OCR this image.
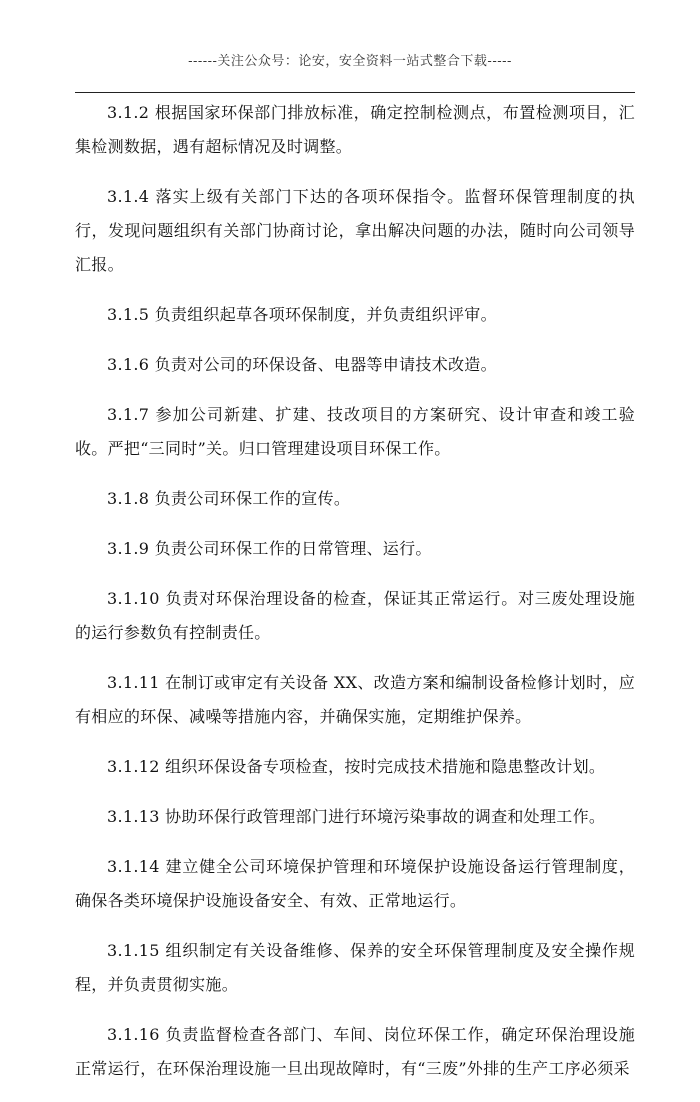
------关注公众号：论安，安全资料一站式整合下载-----

3.1.2 根据国家环保部门排放标准，确定控制检测点，布置检测项目，汇集检测数据，遇有超标情况及时调整。

3.1.4 落实上级有关部门下达的各项环保指令。监督环保管理制度的执行，发现问题组织有关部门协商讨论，拿出解决问题的办法，随时向公司领导汇报。

3.1.5 负责组织起草各项环保制度，并负责组织评审。

3.1.6 负责对公司的环保设备、电器等申请技术改造。

3.1.7 参加公司新建、扩建、技改项目的方案研究、设计审查和竣工验收。严把“三同时”关。归口管理建设项目环保工作。

3.1.8 负责公司环保工作的宣传。

3.1.9 负责公司环保工作的日常管理、运行。

3.1.10 负责对环保治理设备的检查，保证其正常运行。对三废处理设施的运行参数负有控制责任。

3.1.11 在制订或审定有关设备 XX、改造方案和编制设备检修计划时，应有相应的环保、减噪等措施内容，并确保实施，定期维护保养。

3.1.12 组织环保设备专项检查，按时完成技术措施和隐患整改计划。

3.1.13 协助环保行政管理部门进行环境污染事故的调查和处理工作。

3.1.14 建立健全公司环境保护管理和环境保护设施设备运行管理制度，确保各类环境保护设施设备安全、有效、正常地运行。

3.1.15 组织制定有关设备维修、保养的安全环保管理制度及安全操作规程，并负责贯彻实施。

3.1.16 负责监督检查各部门、车间、岗位环保工作，确定环保治理设施正常运行，在环保治理设施一旦出现故障时，有“三废”外排的生产工序必须采
